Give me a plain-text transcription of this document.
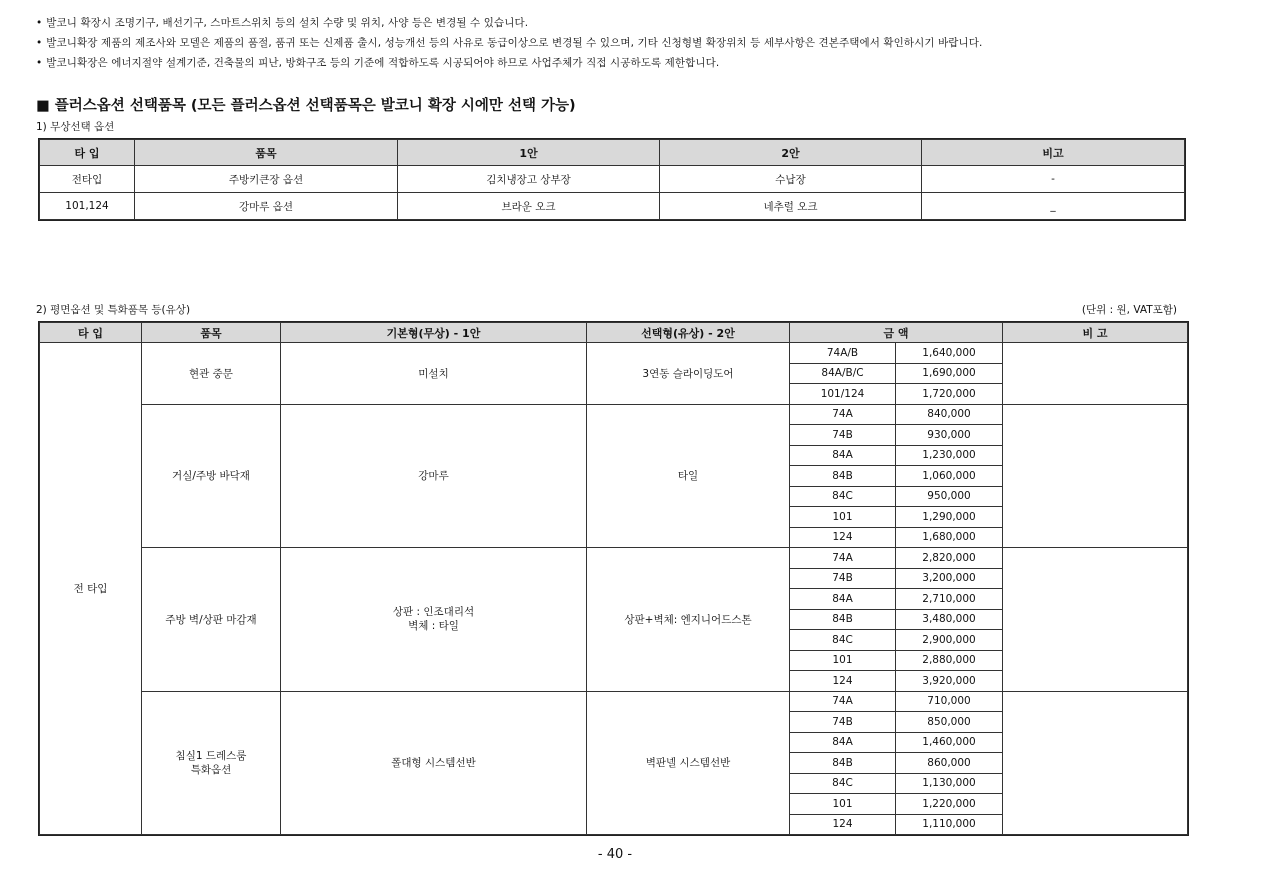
• 발코니 확장시 조명기구, 배선기구, 스마트스위치 등의 설치 수량 및 위치, 사양 등은 변경될 수 있습니다.
• 발코니확장 제품의 제조사와 모델은 제품의 품절, 품귀 또는 신제품 출시, 성능개선 등의 사유로 동급이상으로 변경될 수 있으며, 기타 신청형별 확장위치 등 세부사항은 견본주택에서 확인하시기 바랍니다.
• 발코니확장은 에너지절약 설계기준, 건축물의 피난, 방화구조 등의 기준에 적합하도록 시공되어야 하므로 사업주체가 직접 시공하도록 제한합니다.
■ 플러스옵션 선택품목 (모든 플러스옵션 선택품목은 발코니 확장 시에만 선택 가능)
1) 무상선택 옵션
타 입	품목	1안	2안	비고
전타입	주방키큰장 옵션	김치냉장고 상부장	수납장	-
101,124	강마루 옵션	브라운 오크	네추럴 오크	_
2) 평면옵션 및 특화품목 등(유상)	(단위 : 원, VAT포함)
타 입	품목	기본형(무상) - 1안	선택형(유상) - 2안	금 액		비 고
전 타입	현관 중문	미설치	3연동 슬라이딩도어	74A/B	1,640,000	
				84A/B/C	1,690,000	
				101/124	1,720,000	
	거실/주방 바닥재	강마루	타일	74A	840,000	
				74B	930,000	
				84A	1,230,000	
				84B	1,060,000	
				84C	950,000	
				101	1,290,000	
				124	1,680,000	
	주방 벽/상판 마감재	상판 : 인조대리석
벽체 : 타일	상판+벽체: 엔지니어드스톤	74A	2,820,000	
				74B	3,200,000	
				84A	2,710,000	
				84B	3,480,000	
				84C	2,900,000	
				101	2,880,000	
				124	3,920,000	

	침실1 드레스룸
특화옵션	폴대형 시스템선반	벽판넬 시스템선반	74A	710,000	
				74B	850,000	
				84A	1,460,000	
				84B	860,000	
				84C	1,130,000	
				101	1,220,000	
				124	1,110,000	
- 40 -
